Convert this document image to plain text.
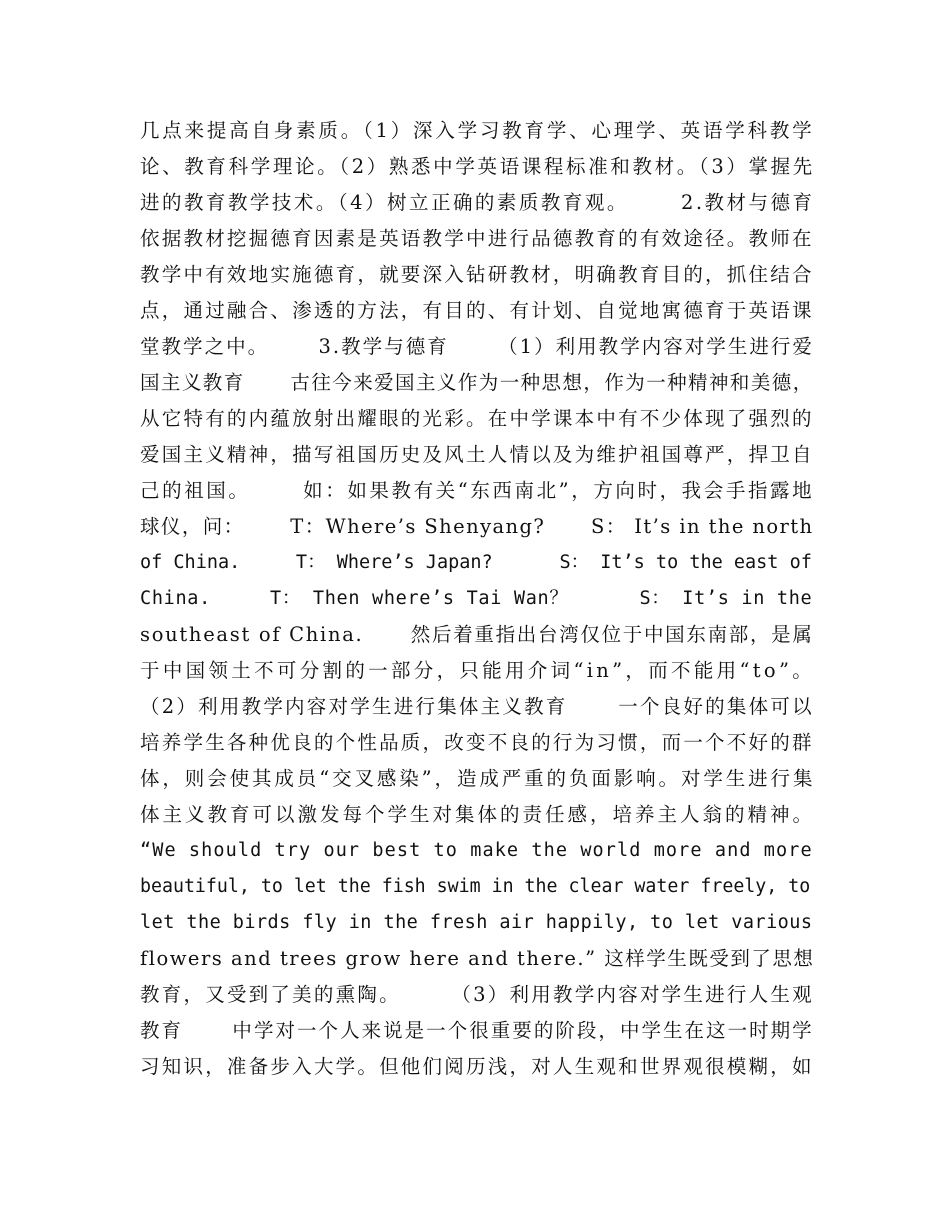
几点来提高自身素质。（1）深入学习教育学、心理学、英语学科教学
论、教育科学理论。（2）熟悉中学英语课程标准和教材。（3）掌握先
进的教育教学技术。（4）树立正确的素质教育观。      2.教材与德育
依据教材挖掘德育因素是英语教学中进行品德教育的有效途径。教师在
教学中有效地实施德育，就要深入钻研教材，明确教育目的，抓住结合
点，通过融合、渗透的方法，有目的、有计划、自觉地寓德育于英语课
堂教学之中。      3.教学与德育      （1）利用教学内容对学生进行爱
国主义教育      古往今来爱国主义作为一种思想，作为一种精神和美德，
从它特有的内蕴放射出耀眼的光彩。在中学课本中有不少体现了强烈的
爱国主义精神，描写祖国历史及风土人情以及为维护祖国尊严，捍卫自
己的祖国。      如：如果教有关“东西南北”，方向时，我会手指露地
球仪，问：      T：Where’s Shenyang?      S： It’s in the north
of China.     T： Where’s Japan?      S： It’s to the east of
China.     T： Then where’s Tai Wan？      S： It’s in the
southeast of China.      然后着重指出台湾仅位于中国东南部，是属
于中国领土不可分割的一部分，只能用介词“in”，而不能用“to”。
（2）利用教学内容对学生进行集体主义教育      一个良好的集体可以
培养学生各种优良的个性品质，改变不良的行为习惯，而一个不好的群
体，则会使其成员“交叉感染”，造成严重的负面影响。对学生进行集
体主义教育可以激发每个学生对集体的责任感，培养主人翁的精神。
“We should try our best to make the world more and more
beautiful, to let the fish swim in the clear water freely, to
let the birds fly in the fresh air happily, to let various
flowers and trees grow here and there.” 这样学生既受到了思想
教育，又受到了美的熏陶。      （3）利用教学内容对学生进行人生观
教育      中学对一个人来说是一个很重要的阶段，中学生在这一时期学
习知识，准备步入大学。但他们阅历浅，对人生观和世界观很模糊，如
